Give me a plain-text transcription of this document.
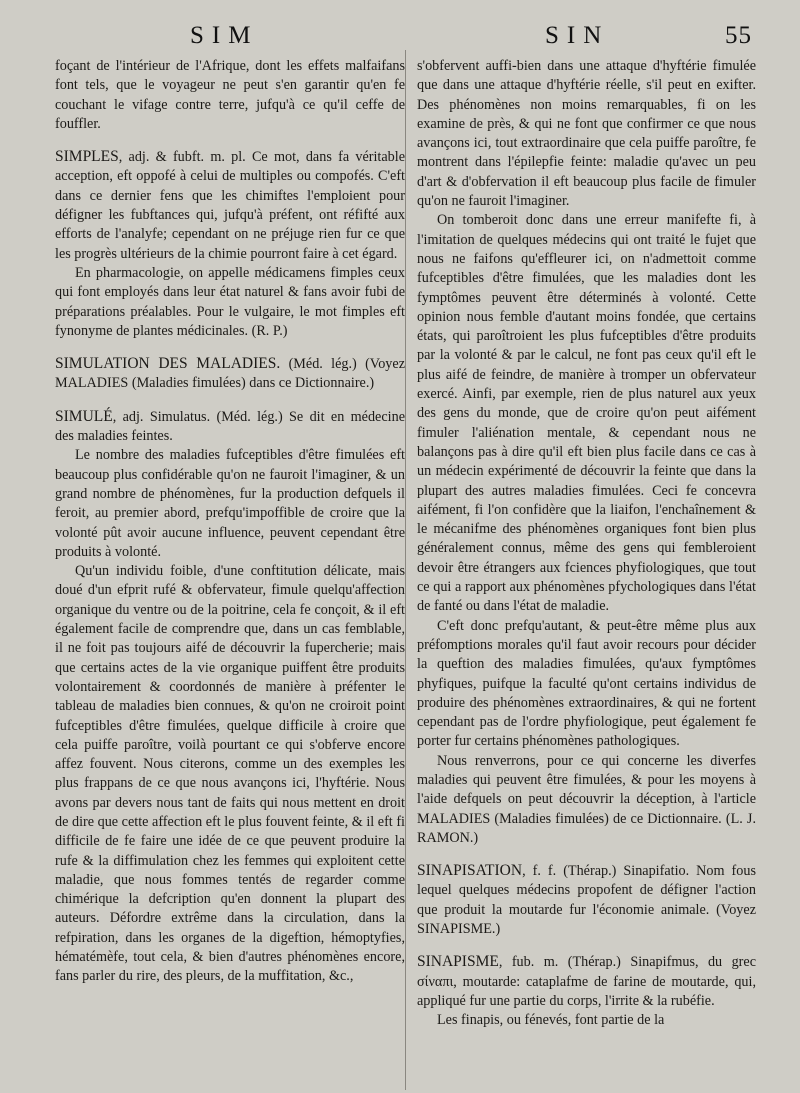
SIM	SIN	55

foçant de l'intérieur de l'Afrique, dont les effets malfaifans font tels, que le voyageur ne peut s'en garantir qu'en fe couchant le vifage contre terre, jufqu'à ce qu'il ceffe de fouffler.

SIMPLES, adj. & fubft. m. pl. Ce mot, dans fa véritable acception, eft oppofé à celui de multiples ou compofés. C'eft dans ce dernier fens que les chimiftes l'emploient pour défigner les fubftances qui, jufqu'à préfent, ont réfifté aux efforts de l'analyfe; cependant on ne préjuge rien fur ce que les progrès ultérieurs de la chimie pourront faire à cet égard.

En pharmacologie, on appelle médicamens fimples ceux qui font employés dans leur état naturel & fans avoir fubi de préparations préalables. Pour le vulgaire, le mot fimples eft fynonyme de plantes médicinales. (R. P.)

SIMULATION DES MALADIES. (Méd. lég.) (Voyez MALADIES (Maladies fimulées) dans ce Dictionnaire.)

SIMULÉ, adj. Simulatus. (Méd. lég.) Se dit en médecine des maladies feintes.

Le nombre des maladies fufceptibles d'être fimulées eft beaucoup plus confidérable qu'on ne fauroit l'imaginer, & un grand nombre de phénomènes, fur la production defquels il feroit, au premier abord, prefqu'impoffible de croire que la volonté pût avoir aucune influence, peuvent cependant être produits à volonté.

Qu'un individu foible, d'une conftitution délicate, mais doué d'un efprit rufé & obfervateur, fimule quelqu'affection organique du ventre ou de la poitrine, cela fe conçoit, & il eft également facile de comprendre que, dans un cas femblable, il ne foit pas toujours aifé de découvrir la fupercherie; mais que certains actes de la vie organique puiffent être produits volontairement & coordonnés de manière à préfenter le tableau de maladies bien connues, & qu'on ne croiroit point fufceptibles d'être fimulées, quelque difficile à croire que cela puiffe paroître, voilà pourtant ce qui s'obferve encore affez fouvent. Nous citerons, comme un des exemples les plus frappans de ce que nous avançons ici, l'hyftérie. Nous avons par devers nous tant de faits qui nous mettent en droit de dire que cette affection eft le plus fouvent feinte, & il eft fi difficile de fe faire une idée de ce que peuvent produire la rufe & la diffimulation chez les femmes qui exploitent cette maladie, que nous fommes tentés de regarder comme chimérique la defcription qu'en donnent la plupart des auteurs. Défordre extrême dans la circulation, dans la refpiration, dans les organes de la digeftion, hémoptyfies, hématémèfe, tout cela, & bien d'autres phénomènes encore, fans parler du rire, des pleurs, de la muffitation, &c.,

s'obfervent auffi-bien dans une attaque d'hyftérie fimulée que dans une attaque d'hyftérie réelle, s'il peut en exifter. Des phénomènes non moins remarquables, fi on les examine de près, & qui ne font que confirmer ce que nous avançons ici, tout extraordinaire que cela puiffe paroître, fe montrent dans l'épilepfie feinte: maladie qu'avec un peu d'art & d'obfervation il eft beaucoup plus facile de fimuler qu'on ne fauroit l'imaginer.

On tomberoit donc dans une erreur manifefte fi, à l'imitation de quelques médecins qui ont traité le fujet que nous ne faifons qu'effleurer ici, on n'admettoit comme fufceptibles d'être fimulées, que les maladies dont les fymptômes peuvent être déterminés à volonté. Cette opinion nous femble d'autant moins fondée, que certains états, qui paroîtroient les plus fufceptibles d'être produits par la volonté & par le calcul, ne font pas ceux qu'il eft le plus aifé de feindre, de manière à tromper un obfervateur exercé. Ainfi, par exemple, rien de plus naturel aux yeux des gens du monde, que de croire qu'on peut aifément fimuler l'aliénation mentale, & cependant nous ne balançons pas à dire qu'il eft bien plus facile dans ce cas à un médecin expérimenté de découvrir la feinte que dans la plupart des autres maladies fimulées. Ceci fe concevra aifément, fi l'on confidère que la liaifon, l'enchaînement & le mécanifme des phénomènes organiques font bien plus généralement connus, même des gens qui fembleroient devoir être étrangers aux fciences phyfiologiques, que tout ce qui a rapport aux phénomènes pfychologiques dans l'état de fanté ou dans l'état de maladie.

C'eft donc prefqu'autant, & peut-être même plus aux préfomptions morales qu'il faut avoir recours pour décider la queftion des maladies fimulées, qu'aux fymptômes phyfiques, puifque la faculté qu'ont certains individus de produire des phénomènes extraordinaires, & qui ne fortent cependant pas de l'ordre phyfiologique, peut également fe porter fur certains phénomènes pathologiques.

Nous renverrons, pour ce qui concerne les diverfes maladies qui peuvent être fimulées, & pour les moyens à l'aide defquels on peut découvrir la déception, à l'article MALADIES (Maladies fimulées) de ce Dictionnaire. (L. J. RAMON.)

SINAPISATION, f. f. (Thérap.) Sinapifatio. Nom fous lequel quelques médecins propofent de défigner l'action que produit la moutarde fur l'économie animale. (Voyez SINAPISME.)

SINAPISME, fub. m. (Thérap.) Sinapifmus, du grec σίναπι, moutarde: cataplafme de farine de moutarde, qui, appliqué fur une partie du corps, l'irrite & la rubéfie.

Les finapis, ou fénevés, font partie de la
